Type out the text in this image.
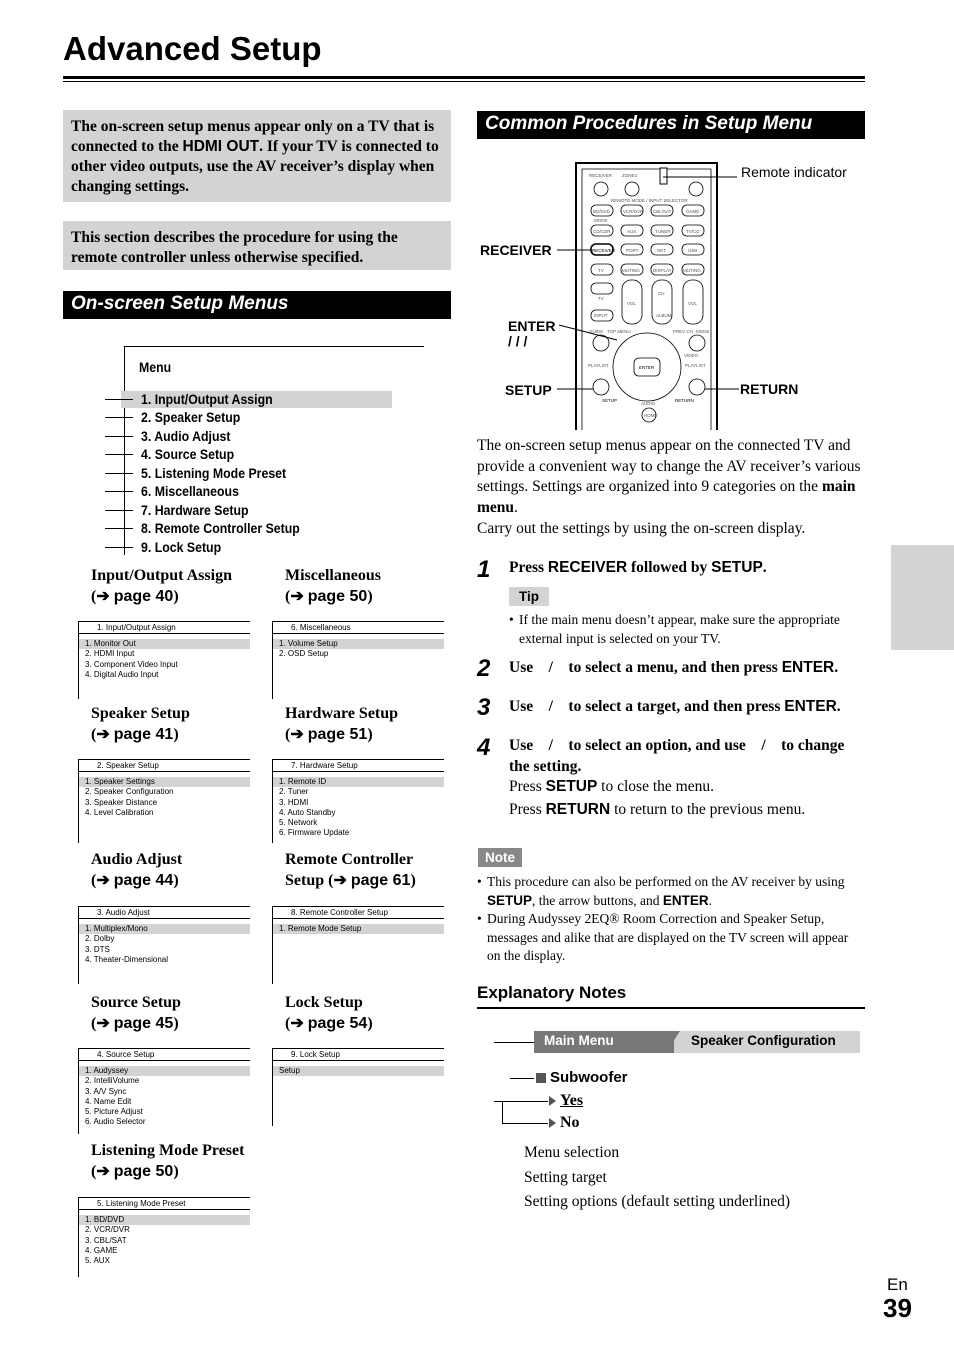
Advanced Setup
The on-screen setup menus appear only on a TV that is connected to the HDMI OUT. If your TV is connected to other video outputs, use the AV receiver’s display when changing settings.
This section describes the procedure for using the remote controller unless otherwise specified.
On-screen Setup Menus
Menu
1. Input/Output Assign
2. Speaker Setup
3. Audio Adjust
4. Source Setup
5. Listening Mode Preset
6. Miscellaneous
7. Hardware Setup
8. Remote Controller Setup
9. Lock Setup
Input/Output Assign
(➔ page 40)
1. Input/Output Assign
1. Monitor Out
2. HDMI Input
3. Component Video Input
4. Digital Audio Input
Miscellaneous
(➔ page 50)
6. Miscellaneous
1. Volume Setup
2. OSD Setup
Speaker Setup
(➔ page 41)
2. Speaker Setup
1. Speaker Settings
2. Speaker Configuration
3. Speaker Distance
4. Level Calibration
Hardware Setup
(➔ page 51)
7. Hardware Setup
1. Remote ID
2. Tuner
3. HDMI
4. Auto Standby
5. Network
6. Firmware Update
Audio Adjust
(➔ page 44)
3. Audio Adjust
1. Multiplex/Mono
2. Dolby
3. DTS
4. Theater-Dimensional
Remote Controller
Setup (➔ page 61)
8. Remote Controller Setup
1. Remote Mode Setup
Source Setup
(➔ page 45)
4. Source Setup
1. Audyssey
2. IntelliVolume
3. A/V Sync
4. Name Edit
5. Picture Adjust
6. Audio Selector
Lock Setup
(➔ page 54)
9. Lock Setup
Setup
Listening Mode Preset
(➔ page 50)
5. Listening Mode Preset
1. BD/DVD
2. VCR/DVR
3. CBL/SAT
4. GAME
5. AUX
Common Procedures in Setup Menu
RECEIVER ZONE2
REMOTE MODE / INPUT SELECTOR
BD/DVD	VCR/DVR CBL/SAT	GAME
MODE
CD/CDR	AUX	TUNER	TV/CD
RECEIVER PORT	NET	USB
TV	MUTING	DISPLAY	MUTING
TV
INPUT
VOL
CH
ALBUM
VOL
GUIDE TOP MENU	PREV CH MODE
VIDEO
PLAYLIST	PLAYLIST
ENTER
SETUP	RETURN
AUDIO
HOME
Remote indicator
RECEIVER
ENTER
/ / /
SETUP	RETURN
The on-screen setup menus appear on the connected TV and provide a convenient way to change the AV receiver’s various settings. Settings are organized into 9 categories on the main menu.
Carry out the settings by using the on-screen display.
1 Press RECEIVER followed by SETUP.
Tip
• If the main menu doesn’t appear, make sure the appropriate external input is selected on your TV.
2 Use    /    to select a menu, and then press ENTER.
3 Use    /    to select a target, and then press ENTER.
4 Use    /    to select an option, and use    /    to change the setting.
Press SETUP to close the menu.
Press RETURN to return to the previous menu.
Note
• This procedure can also be performed on the AV receiver by using SETUP, the arrow buttons, and ENTER.
• During Audyssey 2EQ® Room Correction and Speaker Setup, messages and alike that are displayed on the TV screen will appear on the display.
Explanatory Notes
Main Menu	Speaker Configuration
Subwoofer
Yes
No
Menu selection
Setting target
Setting options (default setting underlined)
En
39
